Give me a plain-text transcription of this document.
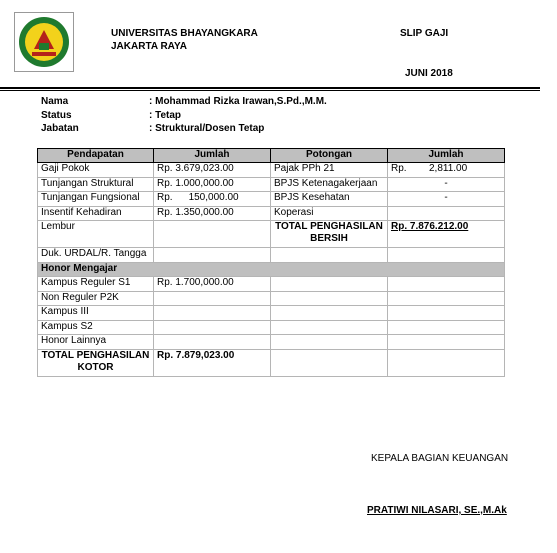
UNIVERSITAS BHAYANGKARA
JAKARTA RAYA
SLIP GAJI
JUNI 2018
Nama	: Mohammad Rizka Irawan,S.Pd.,M.M.
Status	: Tetap
Jabatan	: Struktural/Dosen Tetap
Pendapatan	Jumlah	Potongan	Jumlah
Gaji Pokok	Rp. 3.679,023.00	Pajak PPh 21	Rp. 2,811.00
Tunjangan Struktural	Rp. 1.000,000.00	BPJS Ketenagakerjaan	-
Tunjangan Fungsional	Rp. 150,000.00	BPJS Kesehatan	-
Insentif Kehadiran	Rp. 1.350,000.00	Koperasi	
Lembur		TOTAL PENGHASILAN BERSIH	Rp. 7.876.212.00
Duk. URDAL/R. Tangga			
Honor Mengajar			
Kampus Reguler S1	Rp. 1.700,000.00		
Non Reguler P2K			
Kampus III			
Kampus S2			
Honor Lainnya			
TOTAL PENGHASILAN KOTOR	Rp. 7.879,023.00		
KEPALA BAGIAN KEUANGAN
PRATIWI NILASARI, SE.,M.Ak
